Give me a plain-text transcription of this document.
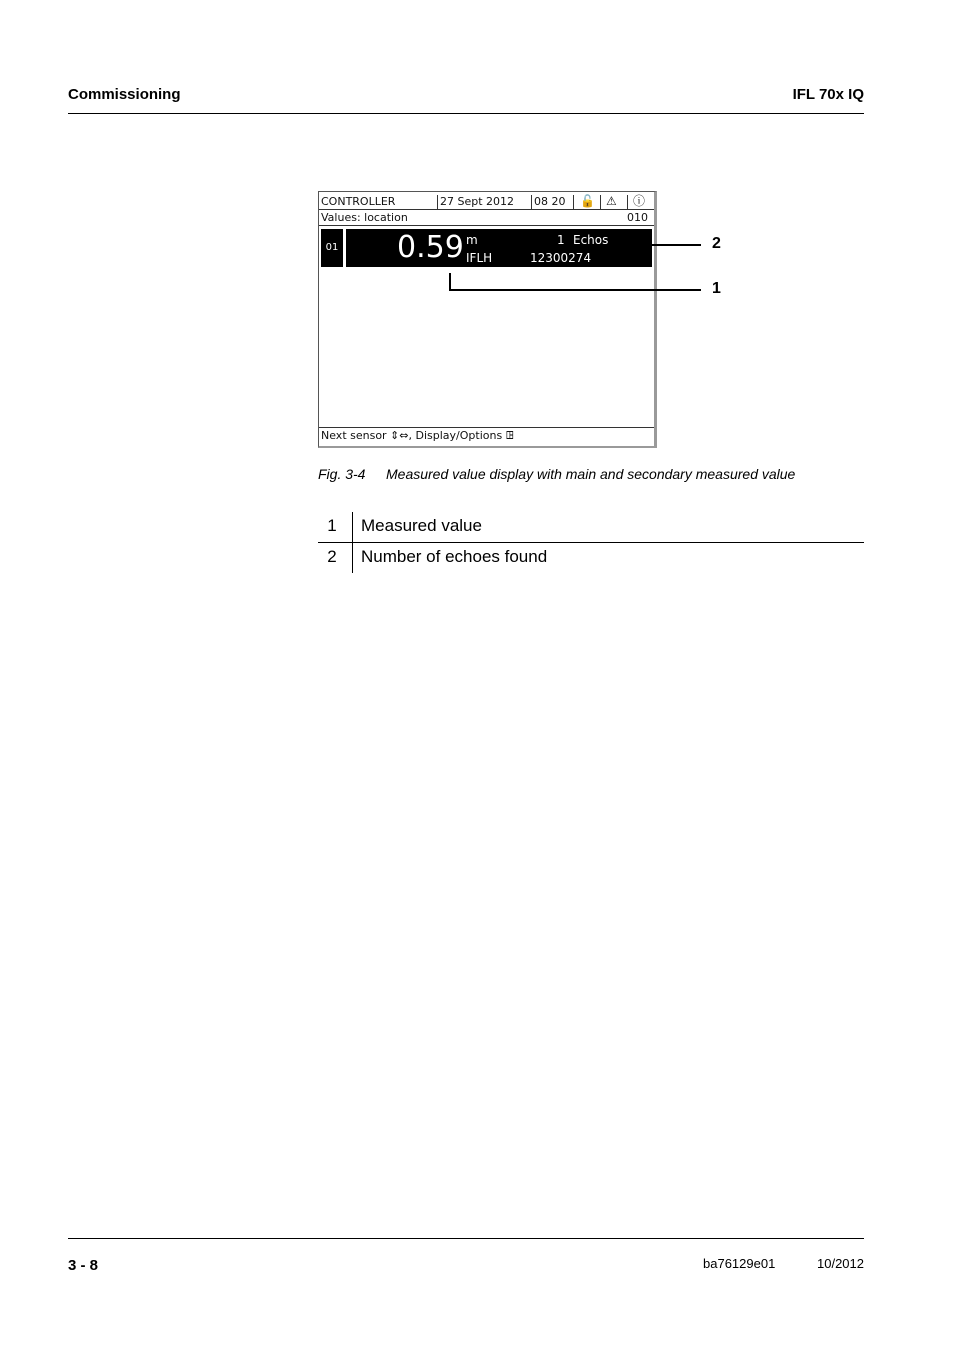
Commissioning	IFL 70x IQ
CONTROLLER	27 Sept 2012 08 20 🔓 ⚠ ⓘ
Values: location	010
01 0.59 m
IFLH
1 Echos
12300274
Next sensor ⇕⇔, Display/Options ꖸ
2
1
Fig. 3-4 Measured value display with main and secondary measured value
1	Measured value
2	Number of echoes found
3 - 8	ba76129e01	10/2012
